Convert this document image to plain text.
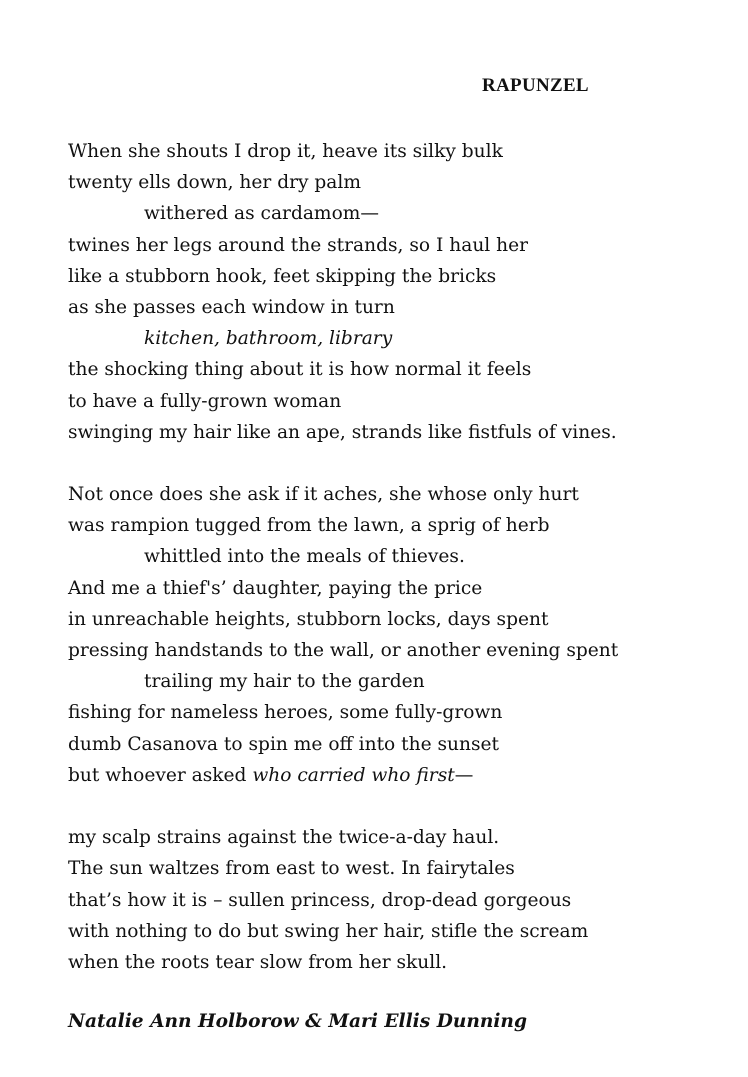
RAPUNZEL
When she shouts I drop it, heave its silky bulk
twenty ells down, her dry palm
withered as cardamom—
twines her legs around the strands, so I haul her
like a stubborn hook, feet skipping the bricks
as she passes each window in turn
kitchen, bathroom, library
the shocking thing about it is how normal it feels
to have a fully-grown woman
swinging my hair like an ape, strands like fistfuls of vines.
Not once does she ask if it aches, she whose only hurt
was rampion tugged from the lawn, a sprig of herb
whittled into the meals of thieves.
And me a thief's’ daughter, paying the price
in unreachable heights, stubborn locks, days spent
pressing handstands to the wall, or another evening spent
trailing my hair to the garden
fishing for nameless heroes, some fully-grown
dumb Casanova to spin me off into the sunset
but whoever asked who carried who first—
my scalp strains against the twice-a-day haul.
The sun waltzes from east to west. In fairytales
that’s how it is – sullen princess, drop-dead gorgeous
with nothing to do but swing her hair, stifle the scream
when the roots tear slow from her skull.
Natalie Ann Holborow & Mari Ellis Dunning
